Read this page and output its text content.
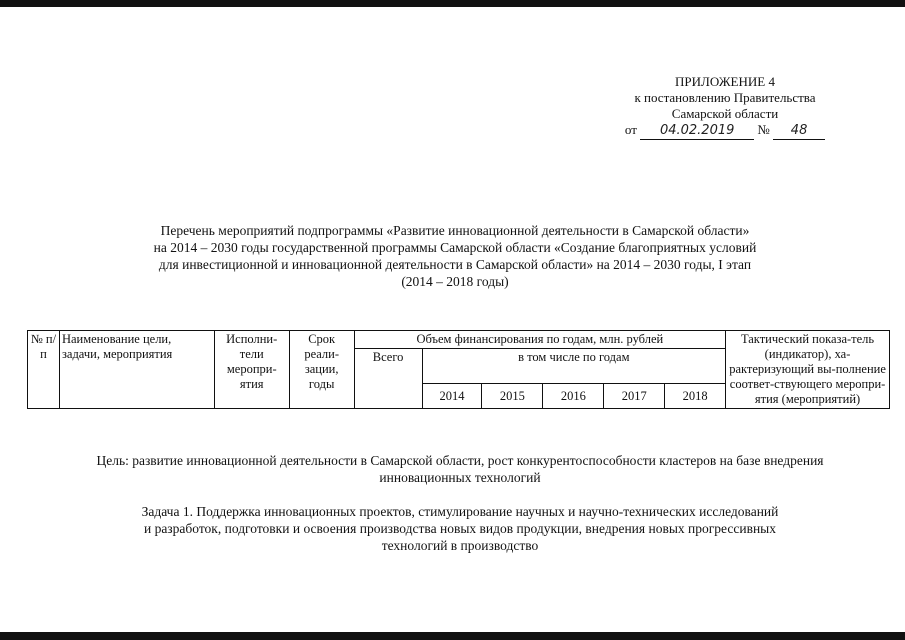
ПРИЛОЖЕНИЕ 4
к постановлению Правительства
Самарской области
от 04.02.2019 № 48
Перечень мероприятий подпрограммы «Развитие инновационной деятельности в Самарской области»
на 2014 – 2030 годы государственной программы Самарской области «Создание благоприятных условий
для инвестиционной и инновационной деятельности в Самарской области» на 2014 – 2030 годы, I этап
(2014 – 2018 годы)
№ п/п	Наименование цели, задачи, мероприятия	Исполни-тели меропри-ятия	Срок реали-зации, годы	Объем финансирования по годам, млн. рублей						Тактический показа-тель (индикатор), ха-рактеризующий вы-полнение соответ-ствующего меропри-ятия (мероприятий)
				Всего	в том числе по годам					
					2014	2015	2016	2017	2018	
Цель: развитие инновационной деятельности в Самарской области, рост конкурентоспособности кластеров на базе внедрения
инновационных технологий
Задача 1. Поддержка инновационных проектов, стимулирование научных и научно-технических исследований
и разработок, подготовки и освоения производства новых видов продукции, внедрения новых прогрессивных
технологий в производство
